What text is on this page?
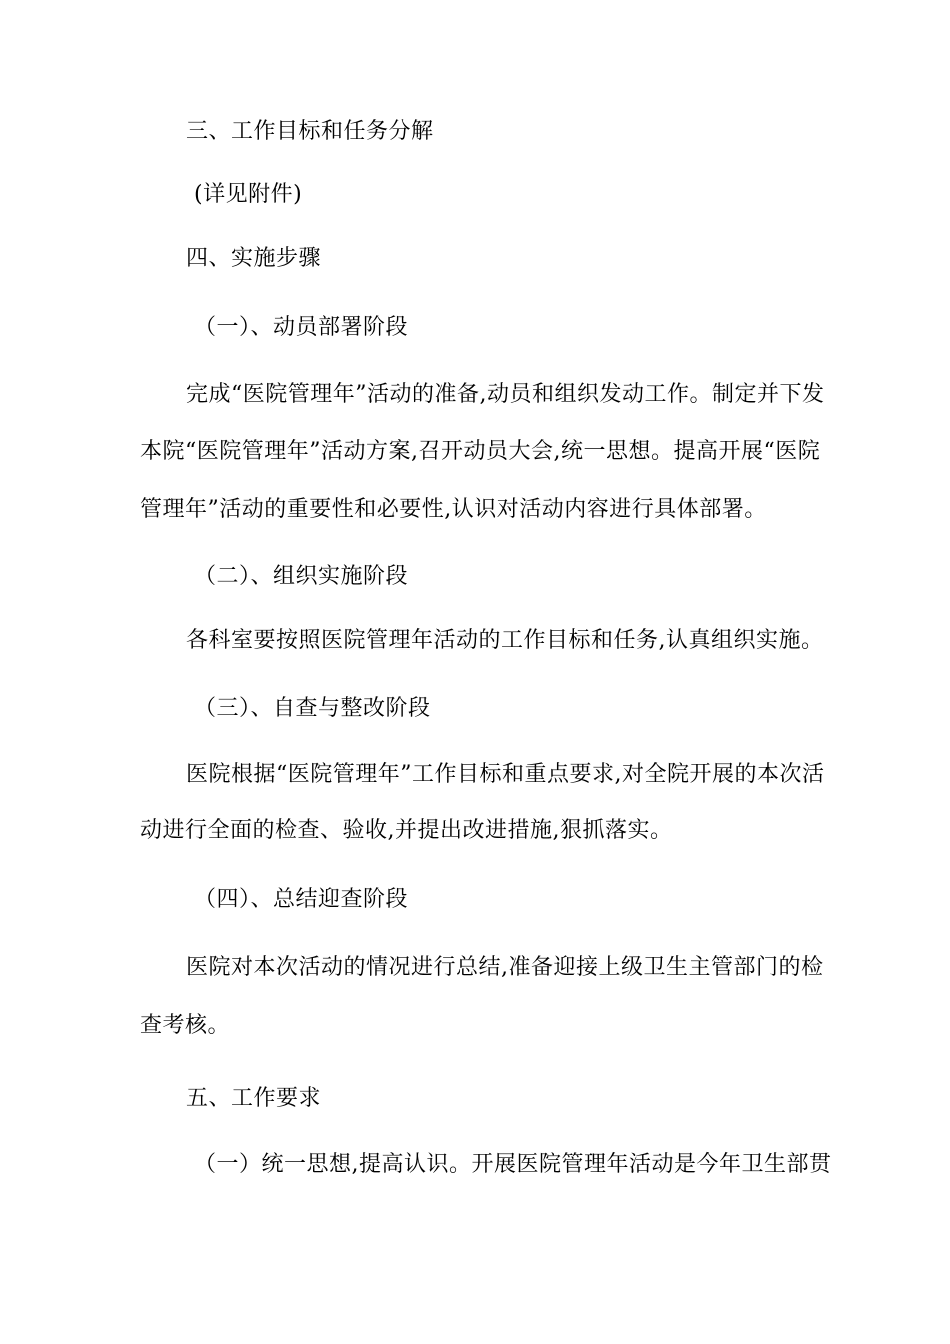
三、工作目标和任务分解
(详见附件)
四、实施步骤
（一）、动员部署阶段
完成“医院管理年”活动的准备,动员和组织发动工作。制定并下发
本院“医院管理年”活动方案,召开动员大会,统一思想。提高开展“医院
管理年”活动的重要性和必要性,认识对活动内容进行具体部署。
（二）、组织实施阶段
各科室要按照医院管理年活动的工作目标和任务,认真组织实施。
（三）、自查与整改阶段
医院根据“医院管理年”工作目标和重点要求,对全院开展的本次活
动进行全面的检查、验收,并提出改进措施,狠抓落实。
（四）、总结迎查阶段
医院对本次活动的情况进行总结,准备迎接上级卫生主管部门的检
查考核。
五、工作要求
（一）统一思想,提高认识。开展医院管理年活动是今年卫生部贯
